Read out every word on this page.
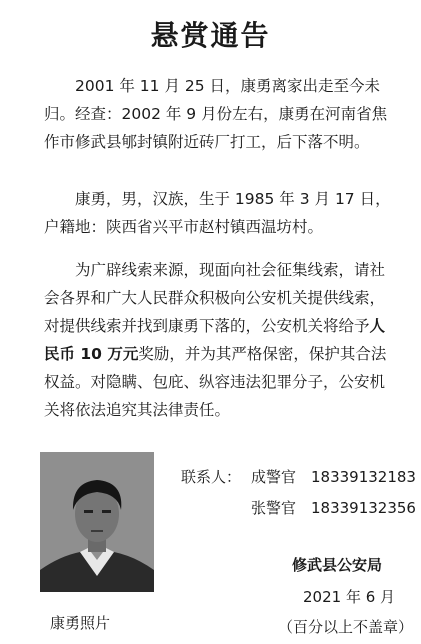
悬赏通告

2001 年 11 月 25 日，康勇离家出走至今未归。经查：2002 年 9 月份左右，康勇在河南省焦作市修武县郇封镇附近砖厂打工，后下落不明。

康勇，男，汉族，生于 1985 年 3 月 17 日，户籍地：陕西省兴平市赵村镇西温坊村。

为广辟线索来源，现面向社会征集线索，请社会各界和广大人民群众积极向公安机关提供线索，对提供线索并找到康勇下落的，公安机关将给予人民币 10 万元奖励，并为其严格保密，保护其合法权益。对隐瞒、包庇、纵容违法犯罪分子，公安机关将依法追究其法律责任。

康勇照片
联系人： 成警官 18339132183
张警官 18339132356
修武县公安局
2021 年 6 月
（百分以上不盖章）
